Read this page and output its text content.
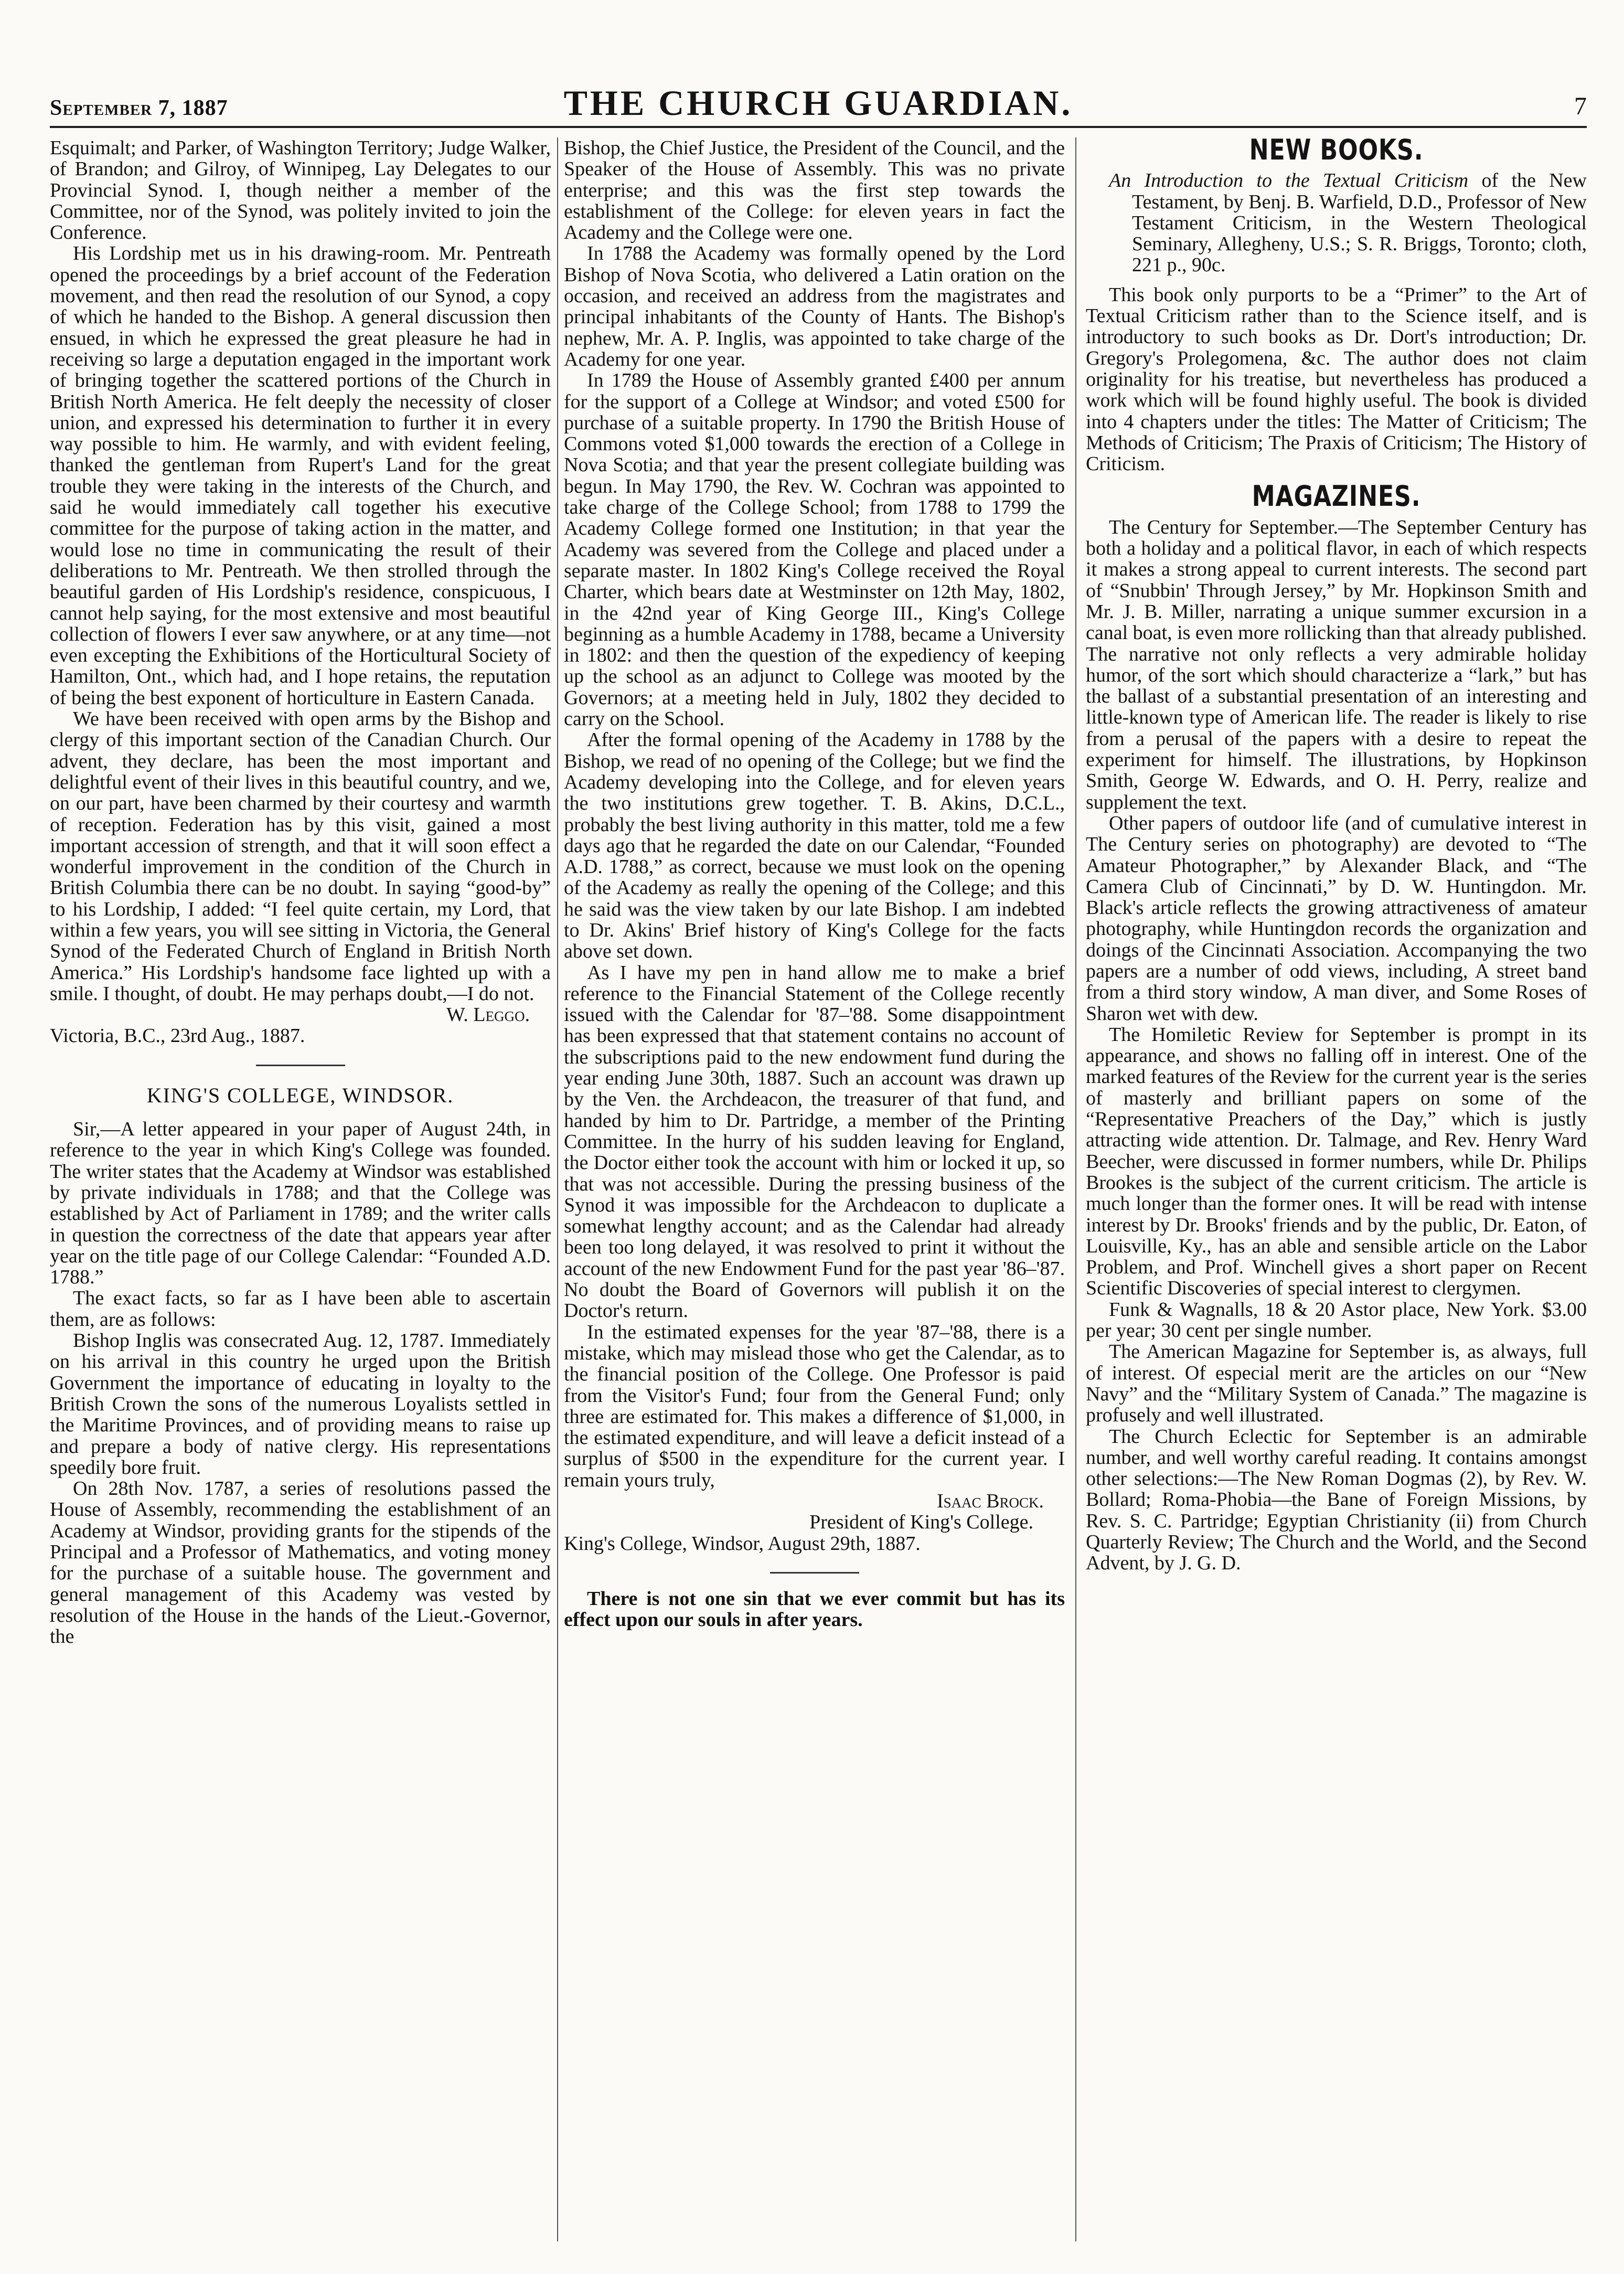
September 7, 1887	THE CHURCH GUARDIAN.	7

Esquimalt; and Parker, of Washington Territory; Judge Walker, of Brandon; and Gilroy, of Winnipeg, Lay Delegates to our Provincial Synod. I, though neither a member of the Committee, nor of the Synod, was politely invited to join the Conference.

His Lordship met us in his drawing-room. Mr. Pentreath opened the proceedings by a brief account of the Federation movement, and then read the resolution of our Synod, a copy of which he handed to the Bishop. A general discussion then ensued, in which he expressed the great pleasure he had in receiving so large a deputation engaged in the important work of bringing together the scattered portions of the Church in British North America. He felt deeply the necessity of closer union, and expressed his determination to further it in every way possible to him. He warmly, and with evident feeling, thanked the gentleman from Rupert's Land for the great trouble they were taking in the interests of the Church, and said he would immediately call together his executive committee for the purpose of taking action in the matter, and would lose no time in communicating the result of their deliberations to Mr. Pentreath. We then strolled through the beautiful garden of His Lordship's residence, conspicuous, I cannot help saying, for the most extensive and most beautiful collection of flowers I ever saw anywhere, or at any time—not even excepting the Exhibitions of the Horticultural Society of Hamilton, Ont., which had, and I hope retains, the reputation of being the best exponent of horticulture in Eastern Canada.

We have been received with open arms by the Bishop and clergy of this important section of the Canadian Church. Our advent, they declare, has been the most important and delightful event of their lives in this beautiful country, and we, on our part, have been charmed by their courtesy and warmth of reception. Federation has by this visit, gained a most important accession of strength, and that it will soon effect a wonderful improvement in the condition of the Church in British Columbia there can be no doubt. In saying “good-by” to his Lordship, I added: “I feel quite certain, my Lord, that within a few years, you will see sitting in Victoria, the General Synod of the Federated Church of England in British North America.” His Lordship's handsome face lighted up with a smile. I thought, of doubt. He may perhaps doubt,—I do not.

W. Leggo.

Victoria, B.C., 23rd Aug., 1887.

KING'S COLLEGE, WINDSOR.

Sir,—A letter appeared in your paper of August 24th, in reference to the year in which King's College was founded. The writer states that the Academy at Windsor was established by private individuals in 1788; and that the College was established by Act of Parliament in 1789; and the writer calls in question the correctness of the date that appears year after year on the title page of our College Calendar: “Founded A.D. 1788.”

The exact facts, so far as I have been able to ascertain them, are as follows:

Bishop Inglis was consecrated Aug. 12, 1787. Immediately on his arrival in this country he urged upon the British Government the importance of educating in loyalty to the British Crown the sons of the numerous Loyalists settled in the Maritime Provinces, and of providing means to raise up and prepare a body of native clergy. His representations speedily bore fruit.

On 28th Nov. 1787, a series of resolutions passed the House of Assembly, recommending the establishment of an Academy at Windsor, providing grants for the stipends of the Principal and a Professor of Mathematics, and voting money for the purchase of a suitable house. The government and general management of this Academy was vested by resolution of the House in the hands of the Lieut.-Governor, the

Bishop, the Chief Justice, the President of the Council, and the Speaker of the House of Assembly. This was no private enterprise; and this was the first step towards the establishment of the College: for eleven years in fact the Academy and the College were one.

In 1788 the Academy was formally opened by the Lord Bishop of Nova Scotia, who delivered a Latin oration on the occasion, and received an address from the magistrates and principal inhabitants of the County of Hants. The Bishop's nephew, Mr. A. P. Inglis, was appointed to take charge of the Academy for one year.

In 1789 the House of Assembly granted £400 per annum for the support of a College at Windsor; and voted £500 for purchase of a suitable property. In 1790 the British House of Commons voted $1,000 towards the erection of a College in Nova Scotia; and that year the present collegiate building was begun. In May 1790, the Rev. W. Cochran was appointed to take charge of the College School; from 1788 to 1799 the Academy College formed one Institution; in that year the Academy was severed from the College and placed under a separate master. In 1802 King's College received the Royal Charter, which bears date at Westminster on 12th May, 1802, in the 42nd year of King George III., King's College beginning as a humble Academy in 1788, became a University in 1802: and then the question of the expediency of keeping up the school as an adjunct to College was mooted by the Governors; at a meeting held in July, 1802 they decided to carry on the School.

After the formal opening of the Academy in 1788 by the Bishop, we read of no opening of the College; but we find the Academy developing into the College, and for eleven years the two institutions grew together. T. B. Akins, D.C.L., probably the best living authority in this matter, told me a few days ago that he regarded the date on our Calendar, “Founded A.D. 1788,” as correct, because we must look on the opening of the Academy as really the opening of the College; and this he said was the view taken by our late Bishop. I am indebted to Dr. Akins' Brief history of King's College for the facts above set down.

As I have my pen in hand allow me to make a brief reference to the Financial Statement of the College recently issued with the Calendar for '87–'88. Some disappointment has been expressed that that statement contains no account of the subscriptions paid to the new endowment fund during the year ending June 30th, 1887. Such an account was drawn up by the Ven. the Archdeacon, the treasurer of that fund, and handed by him to Dr. Partridge, a member of the Printing Committee. In the hurry of his sudden leaving for England, the Doctor either took the account with him or locked it up, so that was not accessible. During the pressing business of the Synod it was impossible for the Archdeacon to duplicate a somewhat lengthy account; and as the Calendar had already been too long delayed, it was resolved to print it without the account of the new Endowment Fund for the past year '86–'87. No doubt the Board of Governors will publish it on the Doctor's return.

In the estimated expenses for the year '87–'88, there is a mistake, which may mislead those who get the Calendar, as to the financial position of the College. One Professor is paid from the Visitor's Fund; four from the General Fund; only three are estimated for. This makes a difference of $1,000, in the estimated expenditure, and will leave a deficit instead of a surplus of $500 in the expenditure for the current year. I remain yours truly,

Isaac Brock.

President of King's College.

King's College, Windsor, August 29th, 1887.

There is not one sin that we ever commit but has its effect upon our souls in after years.

NEW BOOKS.

An Introduction to the Textual Criticism of the New Testament, by Benj. B. Warfield, D.D., Professor of New Testament Criticism, in the Western Theological Seminary, Allegheny, U.S.; S. R. Briggs, Toronto; cloth, 221 p., 90c.

This book only purports to be a “Primer” to the Art of Textual Criticism rather than to the Science itself, and is introductory to such books as Dr. Dort's introduction; Dr. Gregory's Prolegomena, &c. The author does not claim originality for his treatise, but nevertheless has produced a work which will be found highly useful. The book is divided into 4 chapters under the titles: The Matter of Criticism; The Methods of Criticism; The Praxis of Criticism; The History of Criticism.

MAGAZINES.

The Century for September.—The September Century has both a holiday and a political flavor, in each of which respects it makes a strong appeal to current interests. The second part of “Snubbin' Through Jersey,” by Mr. Hopkinson Smith and Mr. J. B. Miller, narrating a unique summer excursion in a canal boat, is even more rollicking than that already published. The narrative not only reflects a very admirable holiday humor, of the sort which should characterize a “lark,” but has the ballast of a substantial presentation of an interesting and little-known type of American life. The reader is likely to rise from a perusal of the papers with a desire to repeat the experiment for himself. The illustrations, by Hopkinson Smith, George W. Edwards, and O. H. Perry, realize and supplement the text.

Other papers of outdoor life (and of cumulative interest in The Century series on photography) are devoted to “The Amateur Photographer,” by Alexander Black, and “The Camera Club of Cincinnati,” by D. W. Huntingdon. Mr. Black's article reflects the growing attractiveness of amateur photography, while Huntingdon records the organization and doings of the Cincinnati Association. Accompanying the two papers are a number of odd views, including, A street band from a third story window, A man diver, and Some Roses of Sharon wet with dew.

The Homiletic Review for September is prompt in its appearance, and shows no falling off in interest. One of the marked features of the Review for the current year is the series of masterly and brilliant papers on some of the “Representative Preachers of the Day,” which is justly attracting wide attention. Dr. Talmage, and Rev. Henry Ward Beecher, were discussed in former numbers, while Dr. Philips Brookes is the subject of the current criticism. The article is much longer than the former ones. It will be read with intense interest by Dr. Brooks' friends and by the public, Dr. Eaton, of Louisville, Ky., has an able and sensible article on the Labor Problem, and Prof. Winchell gives a short paper on Recent Scientific Discoveries of special interest to clergymen.

Funk & Wagnalls, 18 & 20 Astor place, New York. $3.00 per year; 30 cent per single number.

The American Magazine for September is, as always, full of interest. Of especial merit are the articles on our “New Navy” and the “Military System of Canada.” The magazine is profusely and well illustrated.

The Church Eclectic for September is an admirable number, and well worthy careful reading. It contains amongst other selections:—The New Roman Dogmas (2), by Rev. W. Bollard; Roma-Phobia—the Bane of Foreign Missions, by Rev. S. C. Partridge; Egyptian Christianity (ii) from Church Quarterly Review; The Church and the World, and the Second Advent, by J. G. D.
